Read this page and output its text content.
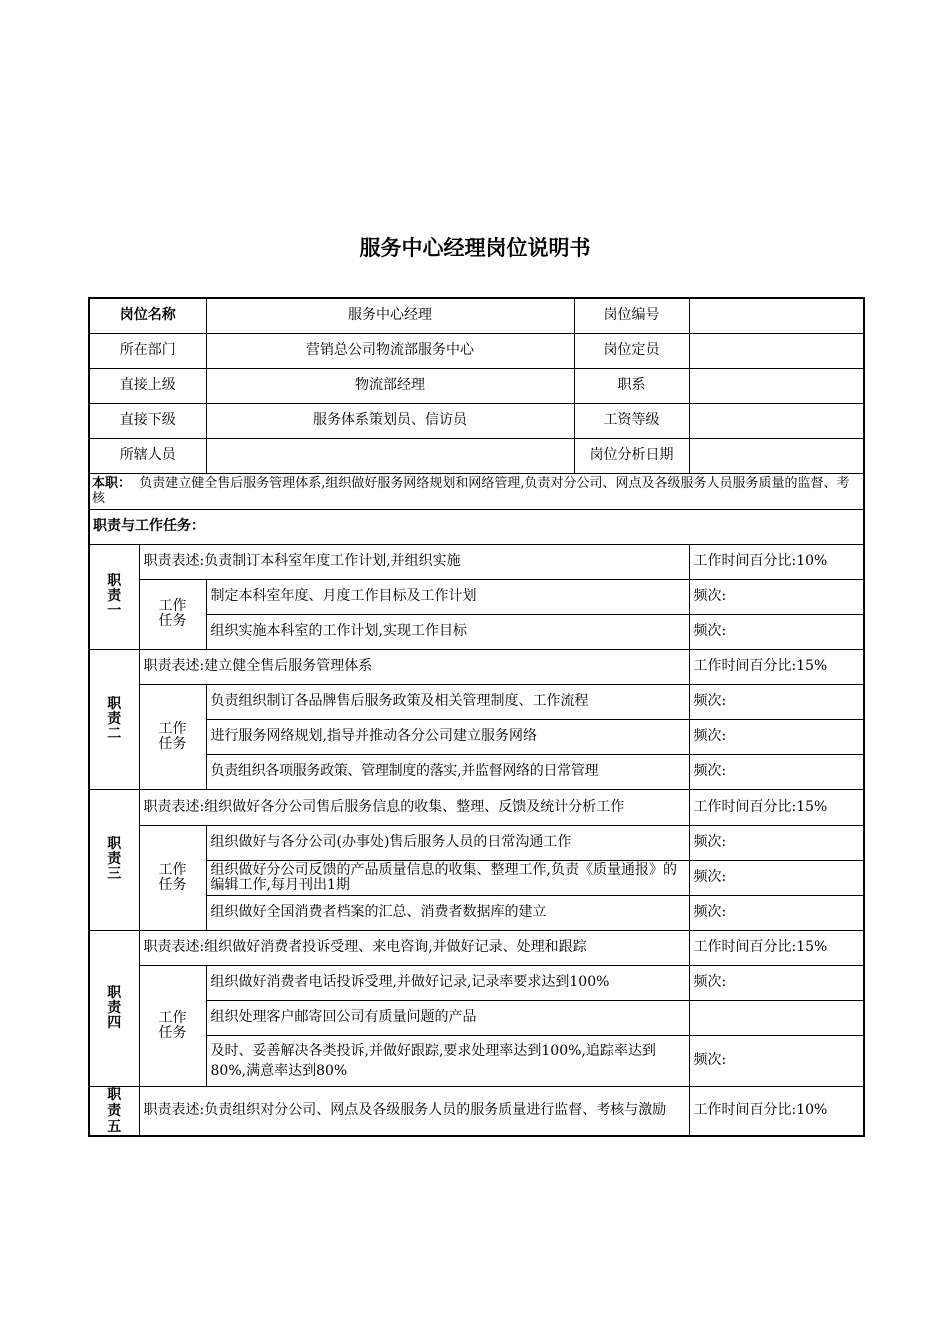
服务中心经理岗位说明书
岗位名称		服务中心经理	岗位编号	
所在部门		营销总公司物流部服务中心	岗位定员	
直接上级		物流部经理	职系	
直接下级		服务体系策划员、信访员	工资等级	
所辖人员			岗位分析日期	
本职： 负责建立健全售后服务管理体系,组织做好服务网络规划和网络管理,负责对分公司、网点及各级服务人员服务质量的监督、考核				
职责与工作任务：				
职责一	职责表述:负责制订本科室年度工作计划,并组织实施			工作时间百分比:10%
	工作任务	制定本科室年度、月度工作目标及工作计划		频次:
		组织实施本科室的工作计划,实现工作目标		频次:
职责二	职责表述:建立健全售后服务管理体系			工作时间百分比:15%
	工作任务	负责组织制订各品牌售后服务政策及相关管理制度、工作流程		频次:
		进行服务网络规划,指导并推动各分公司建立服务网络		频次:
		负责组织各项服务政策、管理制度的落实,并监督网络的日常管理		频次:
职责三	职责表述:组织做好各分公司售后服务信息的收集、整理、反馈及统计分析工作			工作时间百分比:15%
	工作任务	组织做好与各分公司(办事处)售后服务人员的日常沟通工作		频次:
		组织做好分公司反馈的产品质量信息的收集、整理工作,负责《质量通报》的编辑工作,每月刊出1期		频次:
		组织做好全国消费者档案的汇总、消费者数据库的建立		频次:
职责四	职责表述:组织做好消费者投诉受理、来电咨询,并做好记录、处理和跟踪			工作时间百分比:15%
	工作任务	组织做好消费者电话投诉受理,并做好记录,记录率要求达到100%		频次:
		组织处理客户邮寄回公司有质量问题的产品		
		及时、妥善解决各类投诉,并做好跟踪,要求处理率达到100%,追踪率达到80%,满意率达到80%		频次:
职责五	职责表述:负责组织对分公司、网点及各级服务人员的服务质量进行监督、考核与激励			工作时间百分比:10%
